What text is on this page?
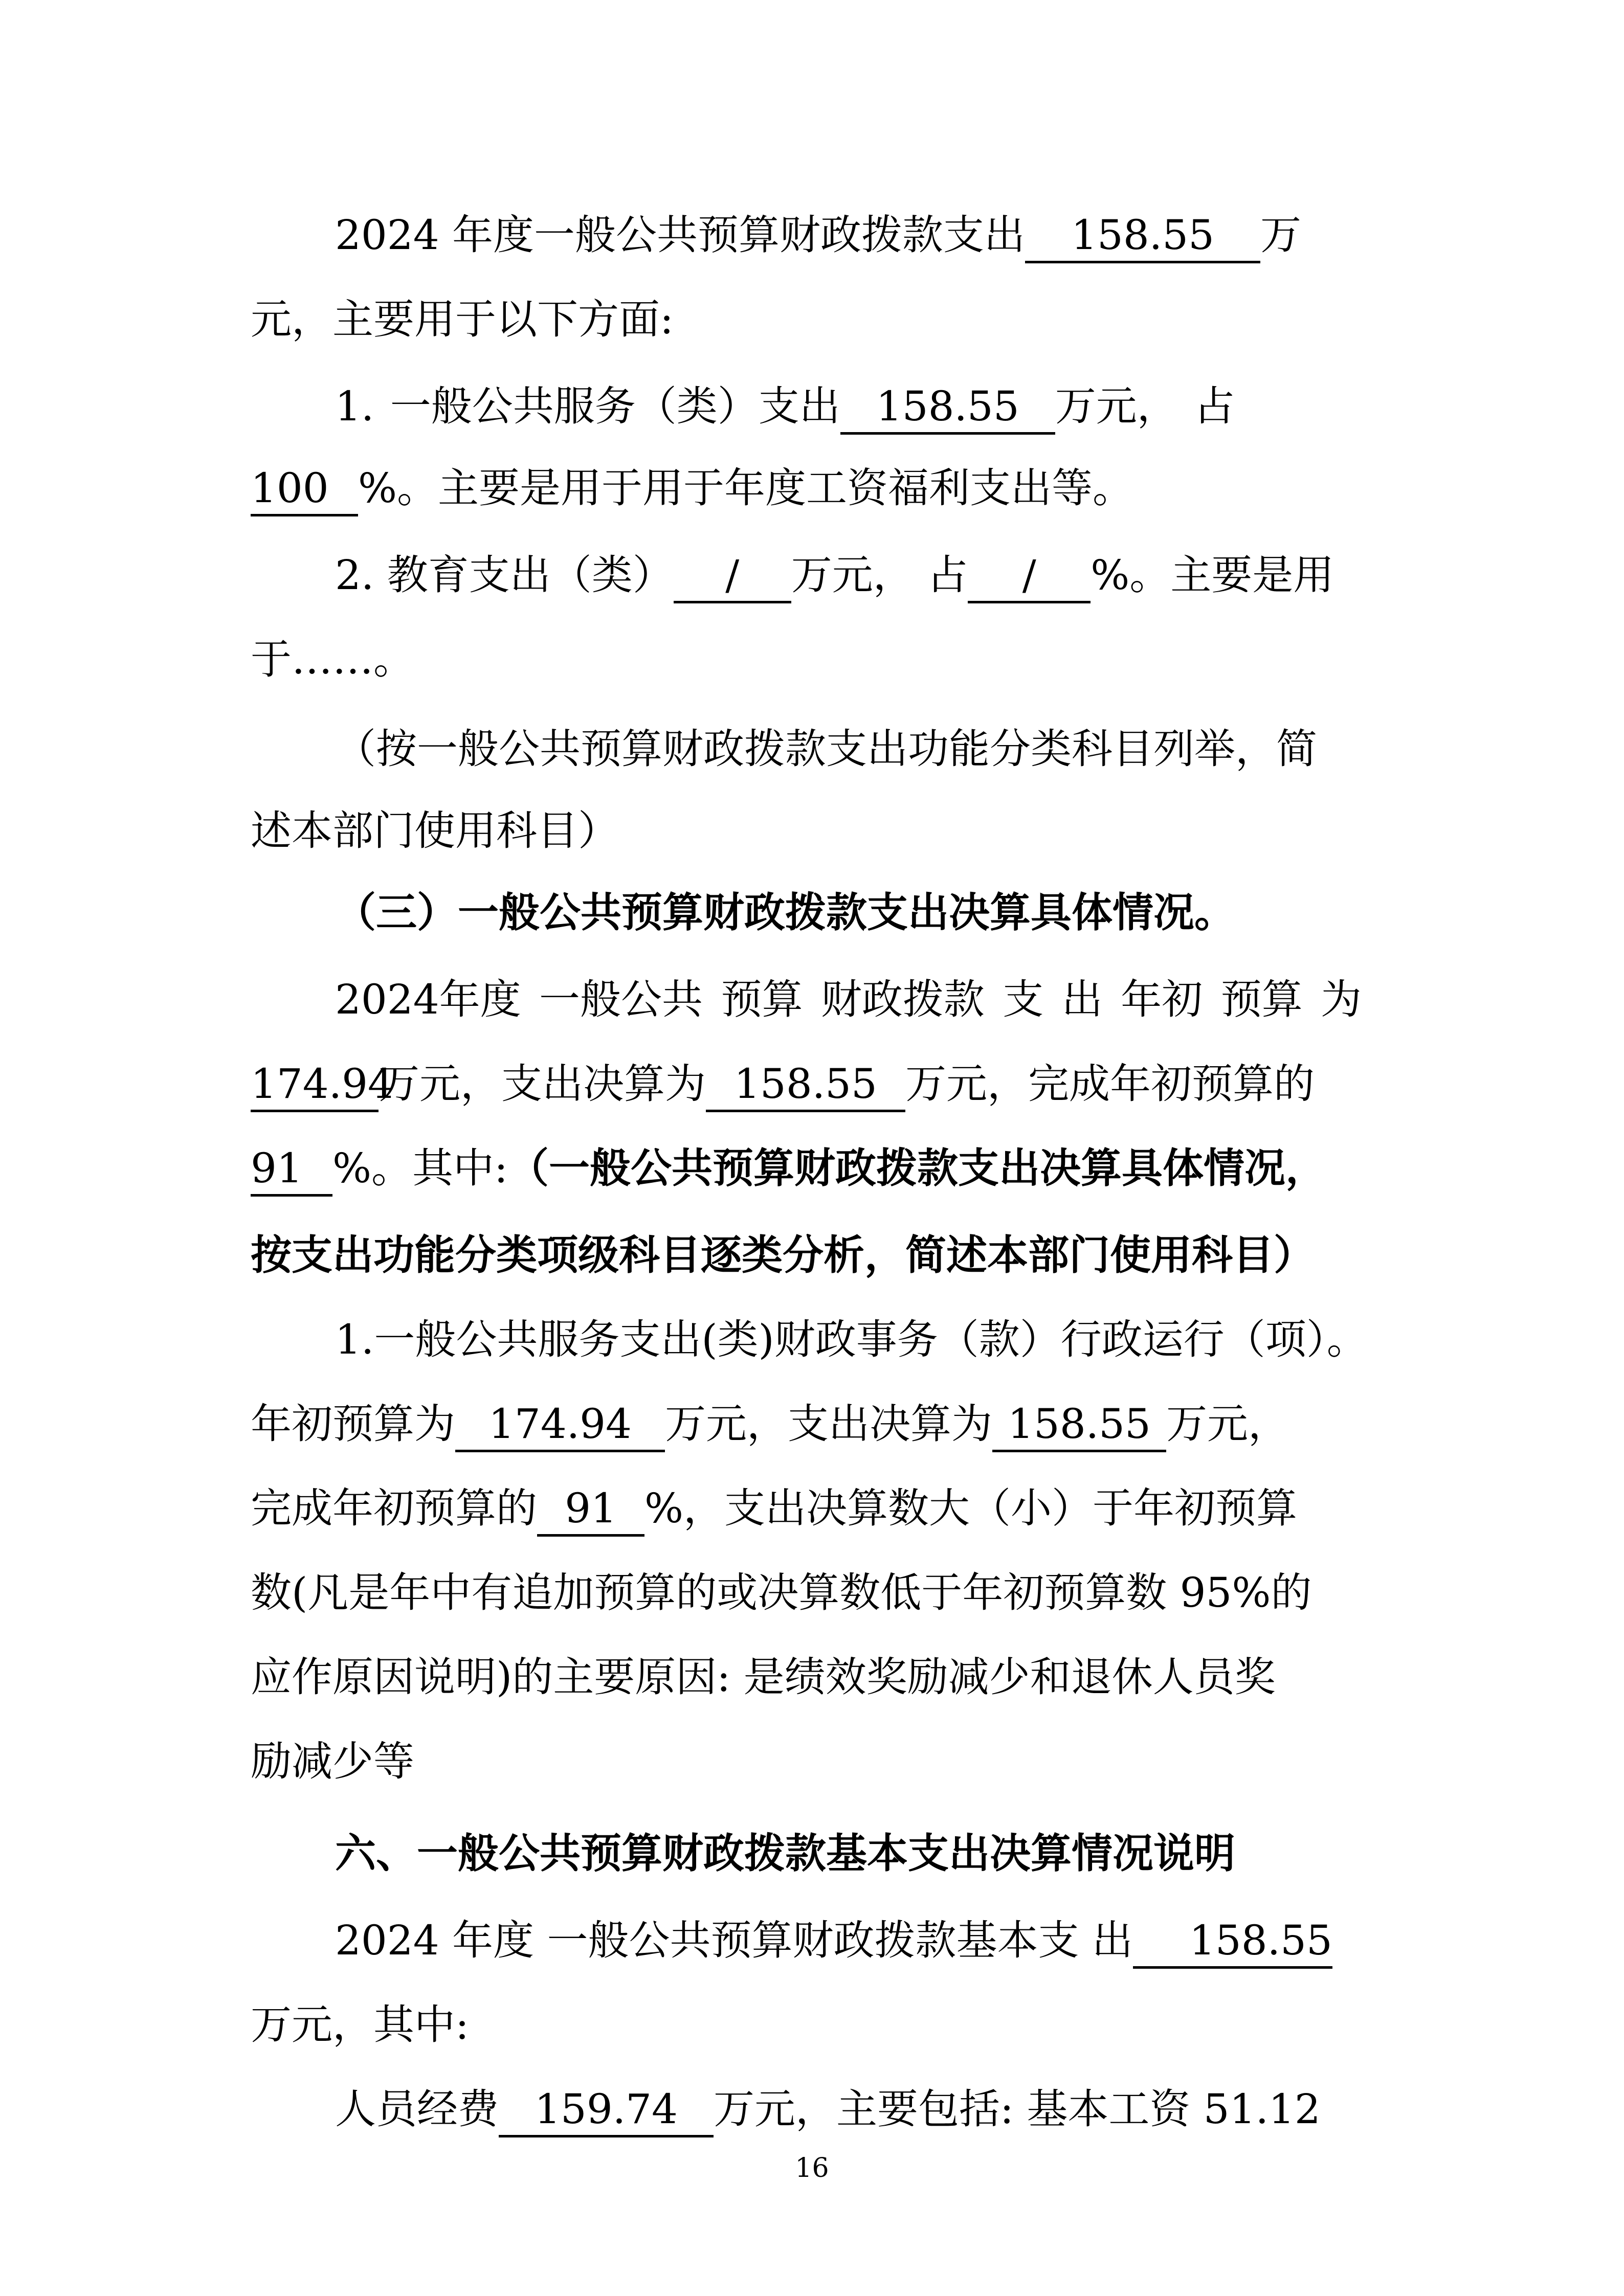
2024 年度一般公共预算财政拨款支出 158.55 万
元，主要用于以下方面:
1. 一般公共服务（类）支出 158.55 万元， 占
100 %。主要是用于用于年度工资福利支出等。
2. 教育支出（类） / 万元， 占 / %。主要是用
于……。
（按一般公共预算财政拨款支出功能分类科目列举，简
述本部门使用科目）
（三）一般公共预算财政拨款支出决算具体情况。
2024年度 一般公共 预算 财政拨款 支 出 年初 预算 为
174.94万元，支出决算为 158.55 万元，完成年初预算的
91 %。其中:（一般公共预算财政拨款支出决算具体情况，
按支出功能分类项级科目逐类分析，简述本部门使用科目）
1.一般公共服务支出(类)财政事务（款）行政运行（项）。
年初预算为 174.94 万元，支出决算为 158.55 万元，
完成年初预算的 91 %，支出决算数大（小）于年初预算
数(凡是年中有追加预算的或决算数低于年初预算数 95%的
应作原因说明)的主要原因: 是绩效奖励减少和退休人员奖
励减少等
六、一般公共预算财政拨款基本支出决算情况说明
2024 年度 一般公共预算财政拨款基本支 出 158.55
万元，其中:
人员经费 159.74 万元，主要包括: 基本工资 51.12
16
